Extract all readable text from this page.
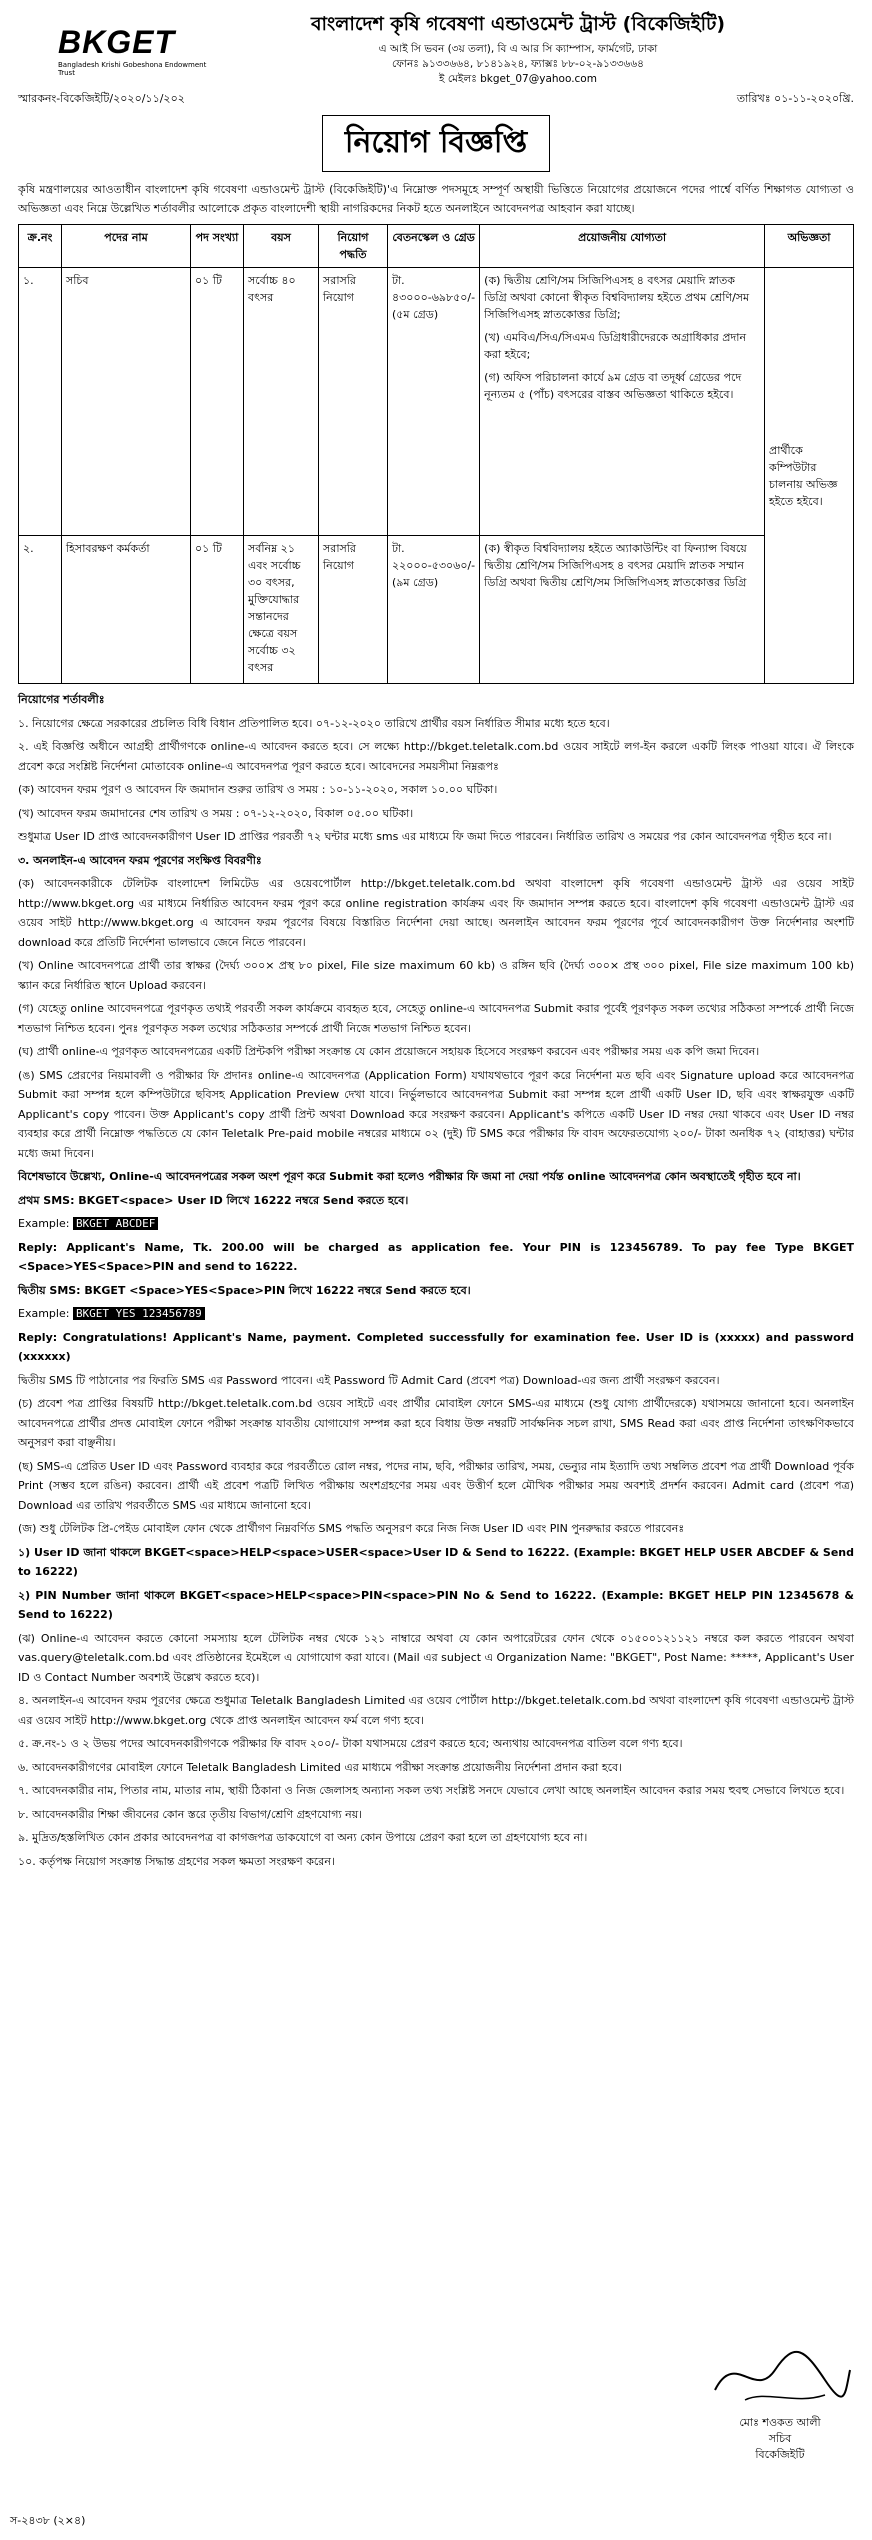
BKGET
Bangladesh Krishi Gobeshona Endowment Trust
বাংলাদেশ কৃষি গবেষণা এন্ডাওমেন্ট ট্রাস্ট (বিকেজিইটি)
এ আই সি ভবন (৩য় তলা), বি এ আর সি ক্যাম্পাস, ফার্মগেট, ঢাকা
ফোনঃ ৯১৩৩৬৬৪, ৮১৪১৯২৪, ফ্যাক্সঃ ৮৮-০২-৯১৩৩৬৬৪
ই মেইলঃ bkget_07@yahoo.com
স্মারকনং-বিকেজিইটি/২০২০/১১/২০২	তারিখঃ ০১-১১-২০২০খ্রি.
নিয়োগ বিজ্ঞপ্তি
কৃষি মন্ত্রণালয়ের আওতাধীন বাংলাদেশ কৃষি গবেষণা এন্ডাওমেন্ট ট্রাস্ট (বিকেজিইটি)'এ নিম্নোক্ত পদসমূহে সম্পূর্ণ অস্থায়ী ভিত্তিতে নিয়োগের প্রয়োজনে পদের পার্শ্বে বর্ণিত শিক্ষাগত যোগ্যতা ও অভিজ্ঞতা এবং নিম্নে উল্লেখিত শর্তাবলীর আলোকে প্রকৃত বাংলাদেশী স্থায়ী নাগরিকদের নিকট হতে অনলাইনে আবেদনপত্র আহবান করা যাচ্ছে।
ক্র.নং	পদের নাম	পদ সংখ্যা	বয়স	নিয়োগ পদ্ধতি	বেতনস্কেল ও গ্রেড	প্রয়োজনীয় যোগ্যতা	অভিজ্ঞতা
১.	সচিব	০১ টি	সর্বোচ্চ ৪০ বৎসর	সরাসরি নিয়োগ	টা. ৪৩০০০-৬৯৮৫০/- (৫ম গ্রেড)	(ক) দ্বিতীয় শ্রেণি/সম সিজিপিএসহ ৪ বৎসর মেয়াদি স্নাতক ডিগ্রি অথবা কোনো স্বীকৃত বিশ্ববিদ্যালয় হইতে প্রথম শ্রেণি/সম সিজিপিএসহ স্নাতকোত্তর ডিগ্রি;

(খ) এমবিএ/সিএ/সিএমএ ডিগ্রিধারীদেরকে অগ্রাধিকার প্রদান করা হইবে;

(গ) অফিস পরিচালনা কার্যে ৯ম গ্রেড বা তদূর্ধ্ব গ্রেডের পদে নূন্যতম ৫ (পাঁচ) বৎসরের বাস্তব অভিজ্ঞতা থাকিতে হইবে।	প্রার্থীকে কম্পিউটার চালনায় অভিজ্ঞ হইতে হইবে।
২.	হিসাবরক্ষণ কর্মকর্তা	০১ টি	সর্বনিম্ন ২১ এবং সর্বোচ্চ ৩০ বৎসর, মুক্তিযোদ্ধার সন্তানদের ক্ষেত্রে বয়স সর্বোচ্চ ৩২ বৎসর	সরাসরি নিয়োগ	টা. ২২০০০-৫৩০৬০/- (৯ম গ্রেড)	(ক) স্বীকৃত বিশ্ববিদ্যালয় হইতে অ্যাকাউন্টিং বা ফিন্যান্স বিষয়ে দ্বিতীয় শ্রেণি/সম সিজিপিএসহ ৪ বৎসর মেয়াদি স্নাতক সম্মান ডিগ্রি অথবা দ্বিতীয় শ্রেণি/সম সিজিপিএসহ স্নাতকোত্তর ডিগ্রি	

নিয়োগের শর্তাবলীঃ

১. নিয়োগের ক্ষেত্রে সরকারের প্রচলিত বিধি বিধান প্রতিপালিত হবে। ০৭-১২-২০২০ তারিখে প্রার্থীর বয়স নির্ধারিত সীমার মধ্যে হতে হবে।

২. এই বিজ্ঞপ্তি অধীনে আগ্রহী প্রার্থীগণকে online-এ আবেদন করতে হবে। সে লক্ষ্যে http://bkget.teletalk.com.bd ওয়েব সাইটে লগ-ইন করলে একটি লিংক পাওয়া যাবে। ঐ লিংকে প্রবেশ করে সংশ্লিষ্ট নির্দেশনা মোতাবেক online-এ আবেদনপত্র পূরণ করতে হবে। আবেদনের সময়সীমা নিম্নরূপঃ

(ক) আবেদন ফরম পূরণ ও আবেদন ফি জমাদান শুরুর তারিখ ও সময় : ১০-১১-২০২০, সকাল ১০.০০ ঘটিকা।

(খ) আবেদন ফরম জমাদানের শেষ তারিখ ও সময় : ০৭-১২-২০২০, বিকাল ০৫.০০ ঘটিকা।

শুধুমাত্র User ID প্রাপ্ত আবেদনকারীগণ User ID প্রাপ্তির পরবর্তী ৭২ ঘন্টার মধ্যে sms এর মাধ্যমে ফি জমা দিতে পারবেন। নির্ধারিত তারিখ ও সময়ের পর কোন আবেদনপত্র গৃহীত হবে না।

৩. অনলাইন-এ আবেদন ফরম পূরণের সংক্ষিপ্ত বিবরণীঃ

(ক) আবেদনকারীকে টেলিটক বাংলাদেশ লিমিটেড এর ওয়েবপোর্টাল http://bkget.teletalk.com.bd অথবা বাংলাদেশ কৃষি গবেষণা এন্ডাওমেন্ট ট্রাস্ট এর ওয়েব সাইট http://www.bkget.org এর মাধ্যমে নির্ধারিত আবেদন ফরম পূরণ করে online registration কার্যক্রম এবং ফি জমাদান সম্পন্ন করতে হবে। বাংলাদেশ কৃষি গবেষণা এন্ডাওমেন্ট ট্রাস্ট এর ওয়েব সাইট http://www.bkget.org এ আবেদন ফরম পূরণের বিষয়ে বিস্তারিত নির্দেশনা দেয়া আছে। অনলাইন আবেদন ফরম পূরণের পূর্বে আবেদনকারীগণ উক্ত নির্দেশনার অংশটি download করে প্রতিটি নির্দেশনা ভালভাবে জেনে নিতে পারবেন।

(খ) Online আবেদনপত্রে প্রার্থী তার স্বাক্ষর (দৈর্ঘ্য ৩০০× প্রস্থ ৮০ pixel, File size maximum 60 kb) ও রঙ্গিন ছবি (দৈর্ঘ্য ৩০০× প্রস্থ ৩০০ pixel, File size maximum 100 kb) স্ক্যান করে নির্ধারিত স্থানে Upload করবেন।

(গ) যেহেতু online আবেদনপত্রে পূরণকৃত তথ্যই পরবর্তী সকল কার্যক্রমে ব্যবহৃত হবে, সেহেতু online-এ আবেদনপত্র Submit করার পূর্বেই পূরণকৃত সকল তথ্যের সঠিকতা সম্পর্কে প্রার্থী নিজে শতভাগ নিশ্চিত হবেন। পুনঃ পূরণকৃত সকল তথ্যের সঠিকতার সম্পর্কে প্রার্থী নিজে শতভাগ নিশ্চিত হবেন।

(ঘ) প্রার্থী online-এ পূরণকৃত আবেদনপত্রের একটি প্রিন্টকপি পরীক্ষা সংক্রান্ত যে কোন প্রয়োজনে সহায়ক হিসেবে সংরক্ষণ করবেন এবং পরীক্ষার সময় এক কপি জমা দিবেন।

(ঙ) SMS প্রেরণের নিয়মাবলী ও পরীক্ষার ফি প্রদানঃ online-এ আবেদনপত্র (Application Form) যথাযথভাবে পূরণ করে নির্দেশনা মত ছবি এবং Signature upload করে আবেদনপত্র Submit করা সম্পন্ন হলে কম্পিউটারে ছবিসহ Application Preview দেখা যাবে। নির্ভুলভাবে আবেদনপত্র Submit করা সম্পন্ন হলে প্রার্থী একটি User ID, ছবি এবং স্বাক্ষরযুক্ত একটি Applicant's copy পাবেন। উক্ত Applicant's copy প্রার্থী প্রিন্ট অথবা Download করে সংরক্ষণ করবেন। Applicant's কপিতে একটি User ID নম্বর দেয়া থাকবে এবং User ID নম্বর ব্যবহার করে প্রার্থী নিম্নোক্ত পদ্ধতিতে যে কোন Teletalk Pre-paid mobile নম্বরের মাধ্যমে ০২ (দুই) টি SMS করে পরীক্ষার ফি বাবদ অফেরতযোগ্য ২০০/- টাকা অনধিক ৭২ (বাহাত্তর) ঘন্টার মধ্যে জমা দিবেন।

বিশেষভাবে উল্লেখ্য, Online-এ আবেদনপত্রের সকল অংশ পূরণ করে Submit করা হলেও পরীক্ষার ফি জমা না দেয়া পর্যন্ত online আবেদনপত্র কোন অবস্থাতেই গৃহীত হবে না।

প্রথম SMS: BKGET<space> User ID লিখে 16222 নম্বরে Send করতে হবে।

Example: BKGET ABCDEF

Reply: Applicant's Name, Tk. 200.00 will be charged as application fee. Your PIN is 123456789. To pay fee Type BKGET <Space>YES<Space>PIN and send to 16222.

দ্বিতীয় SMS: BKGET <Space>YES<Space>PIN লিখে 16222 নম্বরে Send করতে হবে।

Example: BKGET YES 123456789

Reply: Congratulations! Applicant's Name, payment. Completed successfully for examination fee. User ID is (xxxxx) and password (xxxxxx)

দ্বিতীয় SMS টি পাঠানোর পর ফিরতি SMS এর Password পাবেন। এই Password টি Admit Card (প্রবেশ পত্র) Download-এর জন্য প্রার্থী সংরক্ষণ করবেন।

(চ) প্রবেশ পত্র প্রাপ্তির বিষয়টি http://bkget.teletalk.com.bd ওয়েব সাইটে এবং প্রার্থীর মোবাইল ফোনে SMS-এর মাধ্যমে (শুধু যোগ্য প্রার্থীদেরকে) যথাসময়ে জানানো হবে। অনলাইন আবেদনপত্রে প্রার্থীর প্রদত্ত মোবাইল ফোনে পরীক্ষা সংক্রান্ত যাবতীয় যোগাযোগ সম্পন্ন করা হবে বিধায় উক্ত নম্বরটি সার্বক্ষনিক সচল রাখা, SMS Read করা এবং প্রাপ্ত নির্দেশনা তাৎক্ষণিকভাবে অনুসরণ করা বাঞ্ছনীয়।

(ছ) SMS-এ প্রেরিত User ID এবং Password ব্যবহার করে পরবর্তীতে রোল নম্বর, পদের নাম, ছবি, পরীক্ষার তারিখ, সময়, ভেন্যুর নাম ইত্যাদি তথ্য সম্বলিত প্রবেশ পত্র প্রার্থী Download পূর্বক Print (সম্ভব হলে রঙিন) করবেন। প্রার্থী এই প্রবেশ পত্রটি লিখিত পরীক্ষায় অংশগ্রহণের সময় এবং উত্তীর্ণ হলে মৌখিক পরীক্ষার সময় অবশ্যই প্রদর্শন করবেন। Admit card (প্রবেশ পত্র) Download এর তারিখ পরবর্তীতে SMS এর মাধ্যমে জানানো হবে।

(জ) শুধু টেলিটক প্রি-পেইড মোবাইল ফোন থেকে প্রার্থীগণ নিম্নবর্ণিত SMS পদ্ধতি অনুসরণ করে নিজ নিজ User ID এবং PIN পুনরুদ্ধার করতে পারবেনঃ

১) User ID জানা থাকলে BKGET<space>HELP<space>USER<space>User ID & Send to 16222. (Example: BKGET HELP USER ABCDEF & Send to 16222)

২) PIN Number জানা থাকলে BKGET<space>HELP<space>PIN<space>PIN No & Send to 16222. (Example: BKGET HELP PIN 12345678 & Send to 16222)

(ঝ) Online-এ আবেদন করতে কোনো সমস্যায় হলে টেলিটক নম্বর থেকে ১২১ নাম্বারে অথবা যে কোন অপারেটরের ফোন থেকে ০১৫০০১২১১২১ নম্বরে কল করতে পারবেন অথবা vas.query@teletalk.com.bd এবং প্রতিষ্ঠানের ইমেইলে এ যোগাযোগ করা যাবে। (Mail এর subject এ Organization Name: "BKGET", Post Name: *****, Applicant's User ID ও Contact Number অবশ্যই উল্লেখ করতে হবে)।

৪. অনলাইন-এ আবেদন ফরম পূরণের ক্ষেত্রে শুধুমাত্র Teletalk Bangladesh Limited এর ওয়েব পোর্টাল http://bkget.teletalk.com.bd অথবা বাংলাদেশ কৃষি গবেষণা এন্ডাওমেন্ট ট্রাস্ট এর ওয়েব সাইট http://www.bkget.org থেকে প্রাপ্ত অনলাইন আবেদন ফর্ম বলে গণ্য হবে।

৫. ক্র.নং-১ ও ২ উভয় পদের আবেদনকারীগণকে পরীক্ষার ফি বাবদ ২০০/- টাকা যথাসময়ে প্রেরণ করতে হবে; অন্যথায় আবেদনপত্র বাতিল বলে গণ্য হবে।

৬. আবেদনকারীগণের মোবাইল ফোনে Teletalk Bangladesh Limited এর মাধ্যমে পরীক্ষা সংক্রান্ত প্রয়োজনীয় নির্দেশনা প্রদান করা হবে।

৭. আবেদনকারীর নাম, পিতার নাম, মাতার নাম, স্থায়ী ঠিকানা ও নিজ জেলাসহ অন্যান্য সকল তথ্য সংশ্লিষ্ট সনদে যেভাবে লেখা আছে অনলাইন আবেদন করার সময় হুবহু সেভাবে লিখতে হবে।

৮. আবেদনকারীর শিক্ষা জীবনের কোন স্তরে তৃতীয় বিভাগ/শ্রেণি গ্রহণযোগ্য নয়।

৯. মুদ্রিত/হস্তলিখিত কোন প্রকার আবেদনপত্র বা কাগজপত্র ডাকযোগে বা অন্য কোন উপায়ে প্রেরণ করা হলে তা গ্রহণযোগ্য হবে না।

১০. কর্তৃপক্ষ নিয়োগ সংক্রান্ত সিদ্ধান্ত গ্রহণের সকল ক্ষমতা সংরক্ষণ করেন।

মোঃ শওকত আলী
সচিব
বিকেজিইটি
স-২৪৩৮ (২×৪)
